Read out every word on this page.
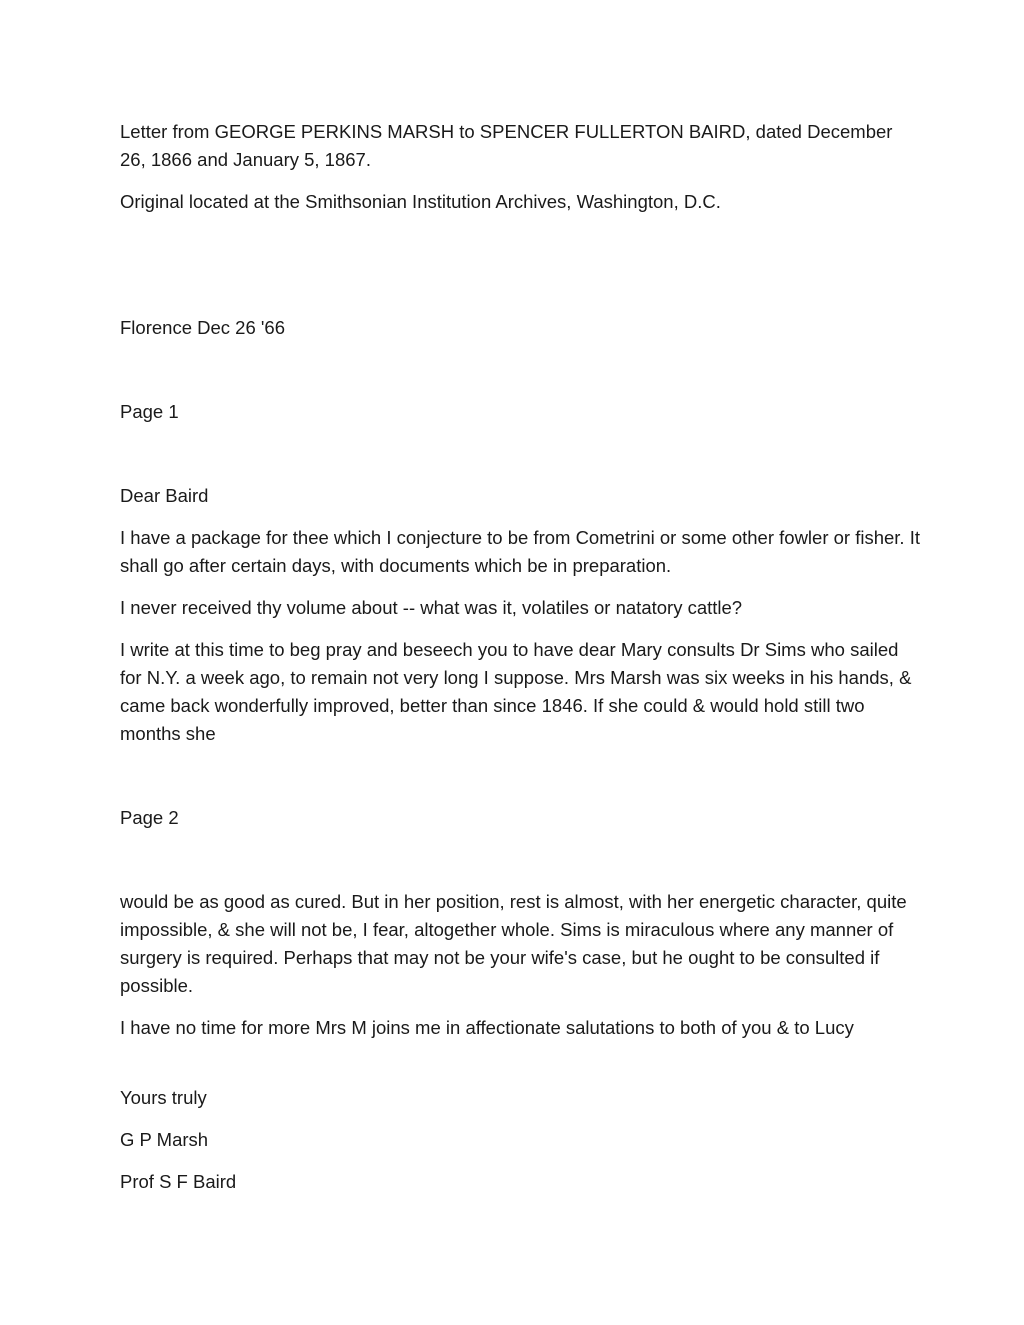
Letter from GEORGE PERKINS MARSH to SPENCER FULLERTON BAIRD, dated December 26, 1866 and January 5, 1867.

Original located at the Smithsonian Institution Archives, Washington, D.C.

Florence Dec 26 '66

Page 1

Dear Baird

I have a package for thee which I conjecture to be from Cometrini or some other fowler or fisher. It shall go after certain days, with documents which be in preparation.

I never received thy volume about -- what was it, volatiles or natatory cattle?

I write at this time to beg pray and beseech you to have dear Mary consults Dr Sims who sailed for N.Y. a week ago, to remain not very long I suppose. Mrs Marsh was six weeks in his hands, & came back wonderfully improved, better than since 1846. If she could & would hold still two months she

Page 2

would be as good as cured. But in her position, rest is almost, with her energetic character, quite impossible, & she will not be, I fear, altogether whole. Sims is miraculous where any manner of surgery is required. Perhaps that may not be your wife's case, but he ought to be consulted if possible.

I have no time for more Mrs M joins me in affectionate salutations to both of you & to Lucy

Yours truly

G P Marsh

Prof S F Baird
